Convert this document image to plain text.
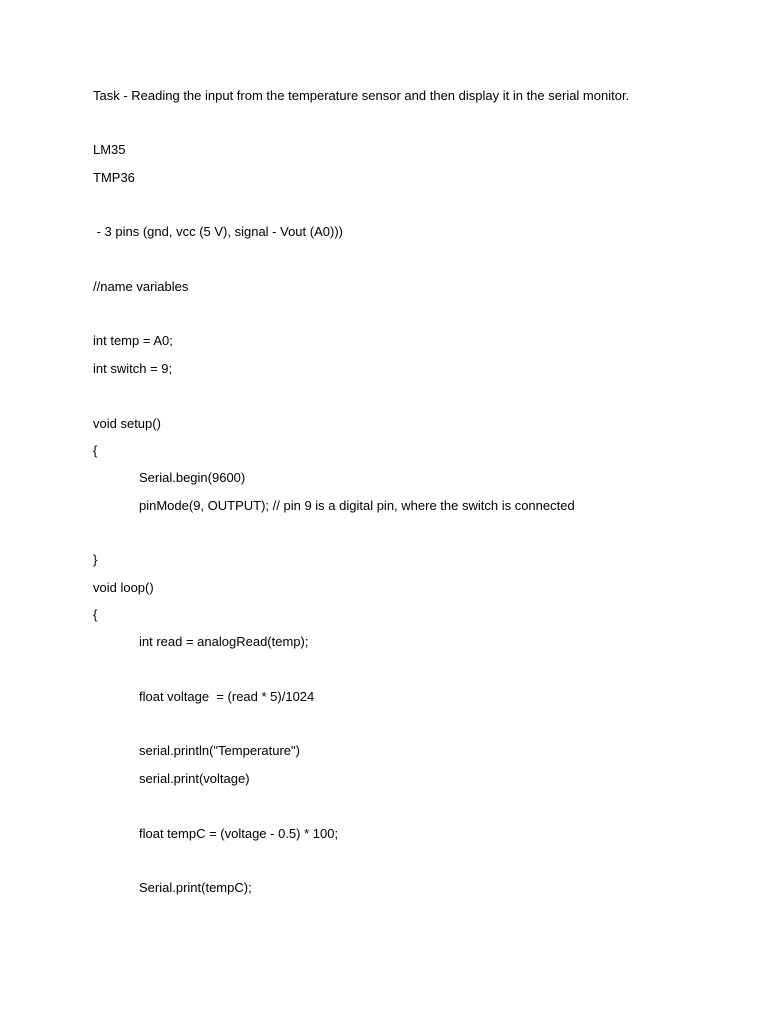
Task - Reading the input from the temperature sensor and then display it in the serial monitor.
LM35
TMP36
- 3 pins (gnd, vcc (5 V), signal - Vout (A0)))
//name variables
int temp = A0;
int switch = 9;
void setup()
{
Serial.begin(9600)
pinMode(9, OUTPUT); // pin 9 is a digital pin, where the switch is connected
}
void loop()
{
int read = analogRead(temp);
float voltage  = (read * 5)/1024
serial.println("Temperature")
serial.print(voltage)
float tempC = (voltage - 0.5) * 100;
Serial.print(tempC);
